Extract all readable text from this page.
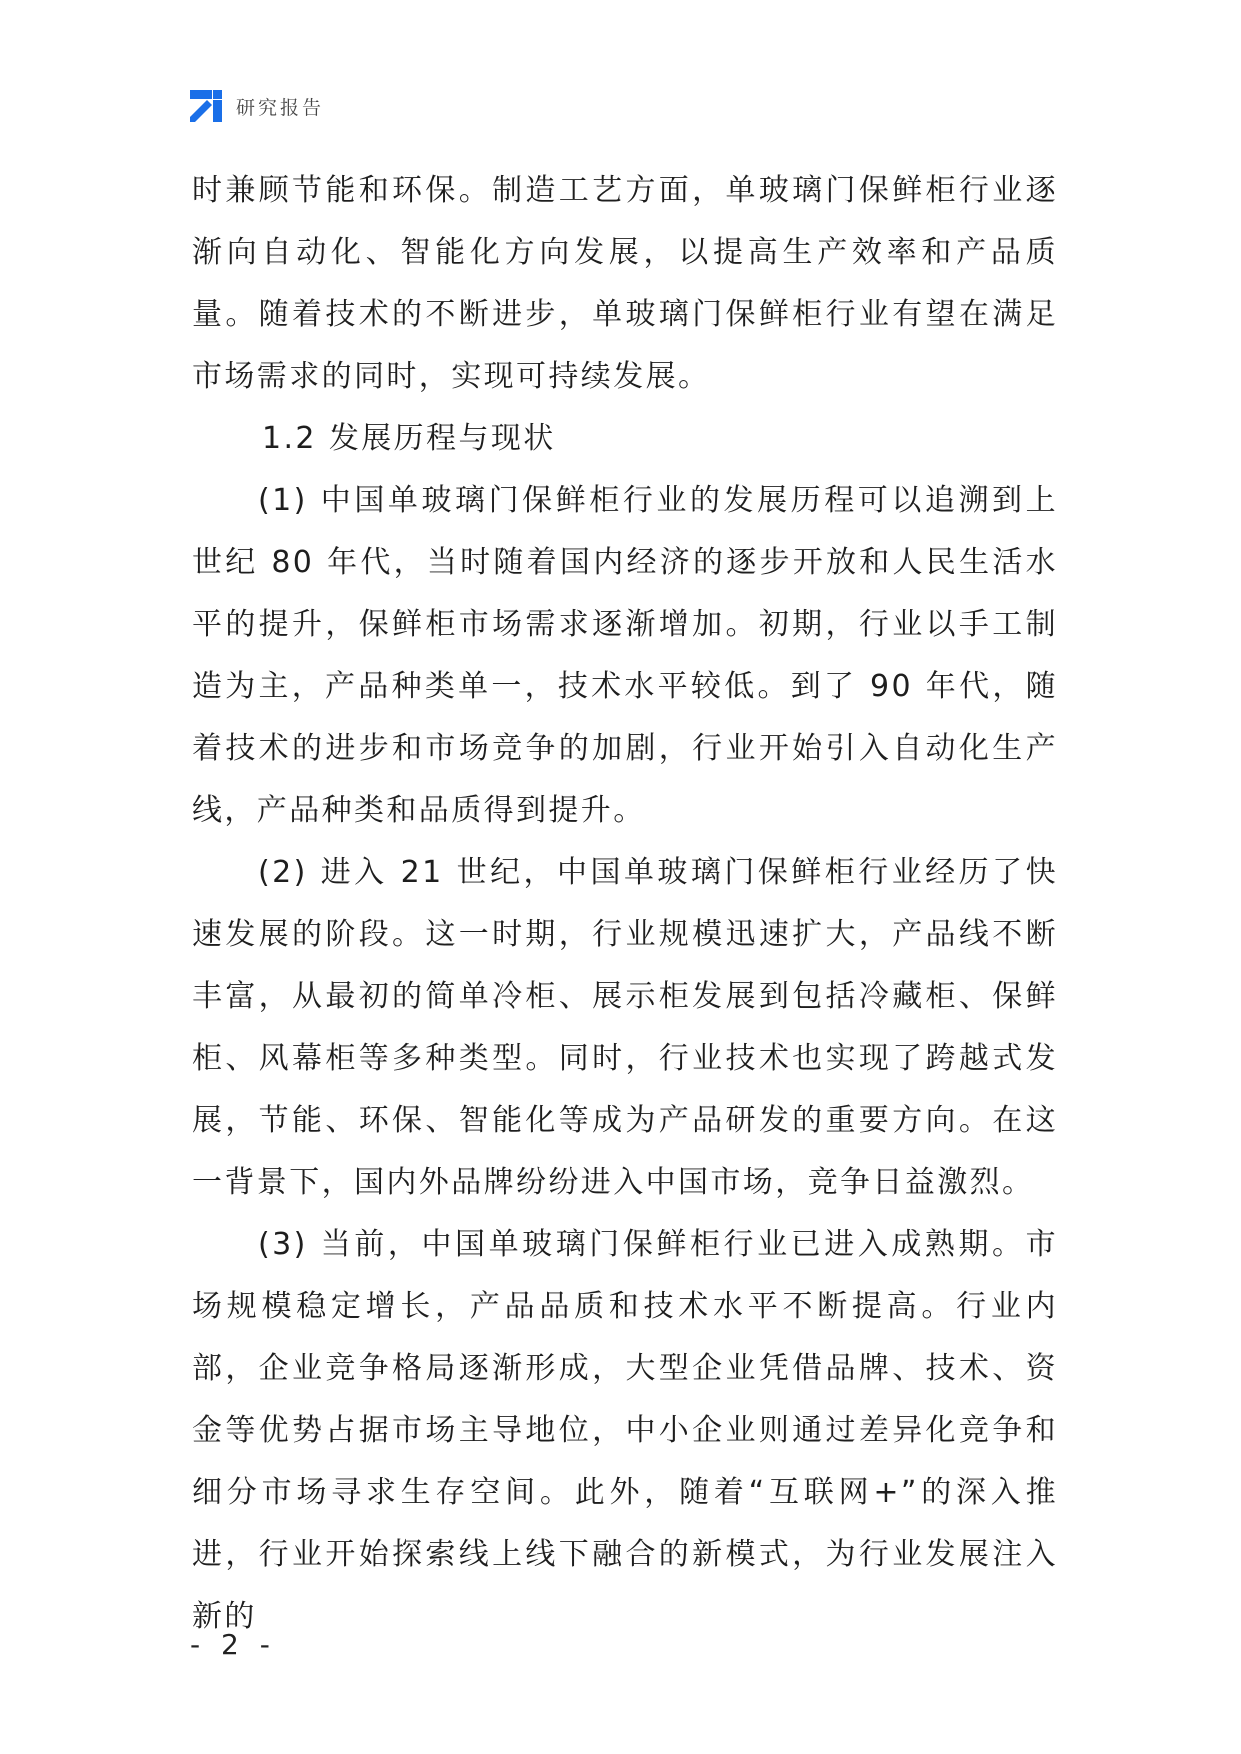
研究报告

时兼顾节能和环保。制造工艺方面，单玻璃门保鲜柜行业逐渐向自动化、智能化方向发展，以提高生产效率和产品质量。随着技术的不断进步，单玻璃门保鲜柜行业有望在满足市场需求的同时，实现可持续发展。

1.2 发展历程与现状

(1) 中国单玻璃门保鲜柜行业的发展历程可以追溯到上世纪 80 年代，当时随着国内经济的逐步开放和人民生活水平的提升，保鲜柜市场需求逐渐增加。初期，行业以手工制造为主，产品种类单一，技术水平较低。到了 90 年代，随着技术的进步和市场竞争的加剧，行业开始引入自动化生产线，产品种类和品质得到提升。

(2) 进入 21 世纪，中国单玻璃门保鲜柜行业经历了快速发展的阶段。这一时期，行业规模迅速扩大，产品线不断丰富，从最初的简单冷柜、展示柜发展到包括冷藏柜、保鲜柜、风幕柜等多种类型。同时，行业技术也实现了跨越式发展，节能、环保、智能化等成为产品研发的重要方向。在这一背景下，国内外品牌纷纷进入中国市场，竞争日益激烈。

(3) 当前，中国单玻璃门保鲜柜行业已进入成熟期。市场规模稳定增长，产品品质和技术水平不断提高。行业内部，企业竞争格局逐渐形成，大型企业凭借品牌、技术、资金等优势占据市场主导地位，中小企业则通过差异化竞争和细分市场寻求生存空间。此外，随着“互联网+”的深入推进，行业开始探索线上线下融合的新模式，为行业发展注入新的

- 2 -
